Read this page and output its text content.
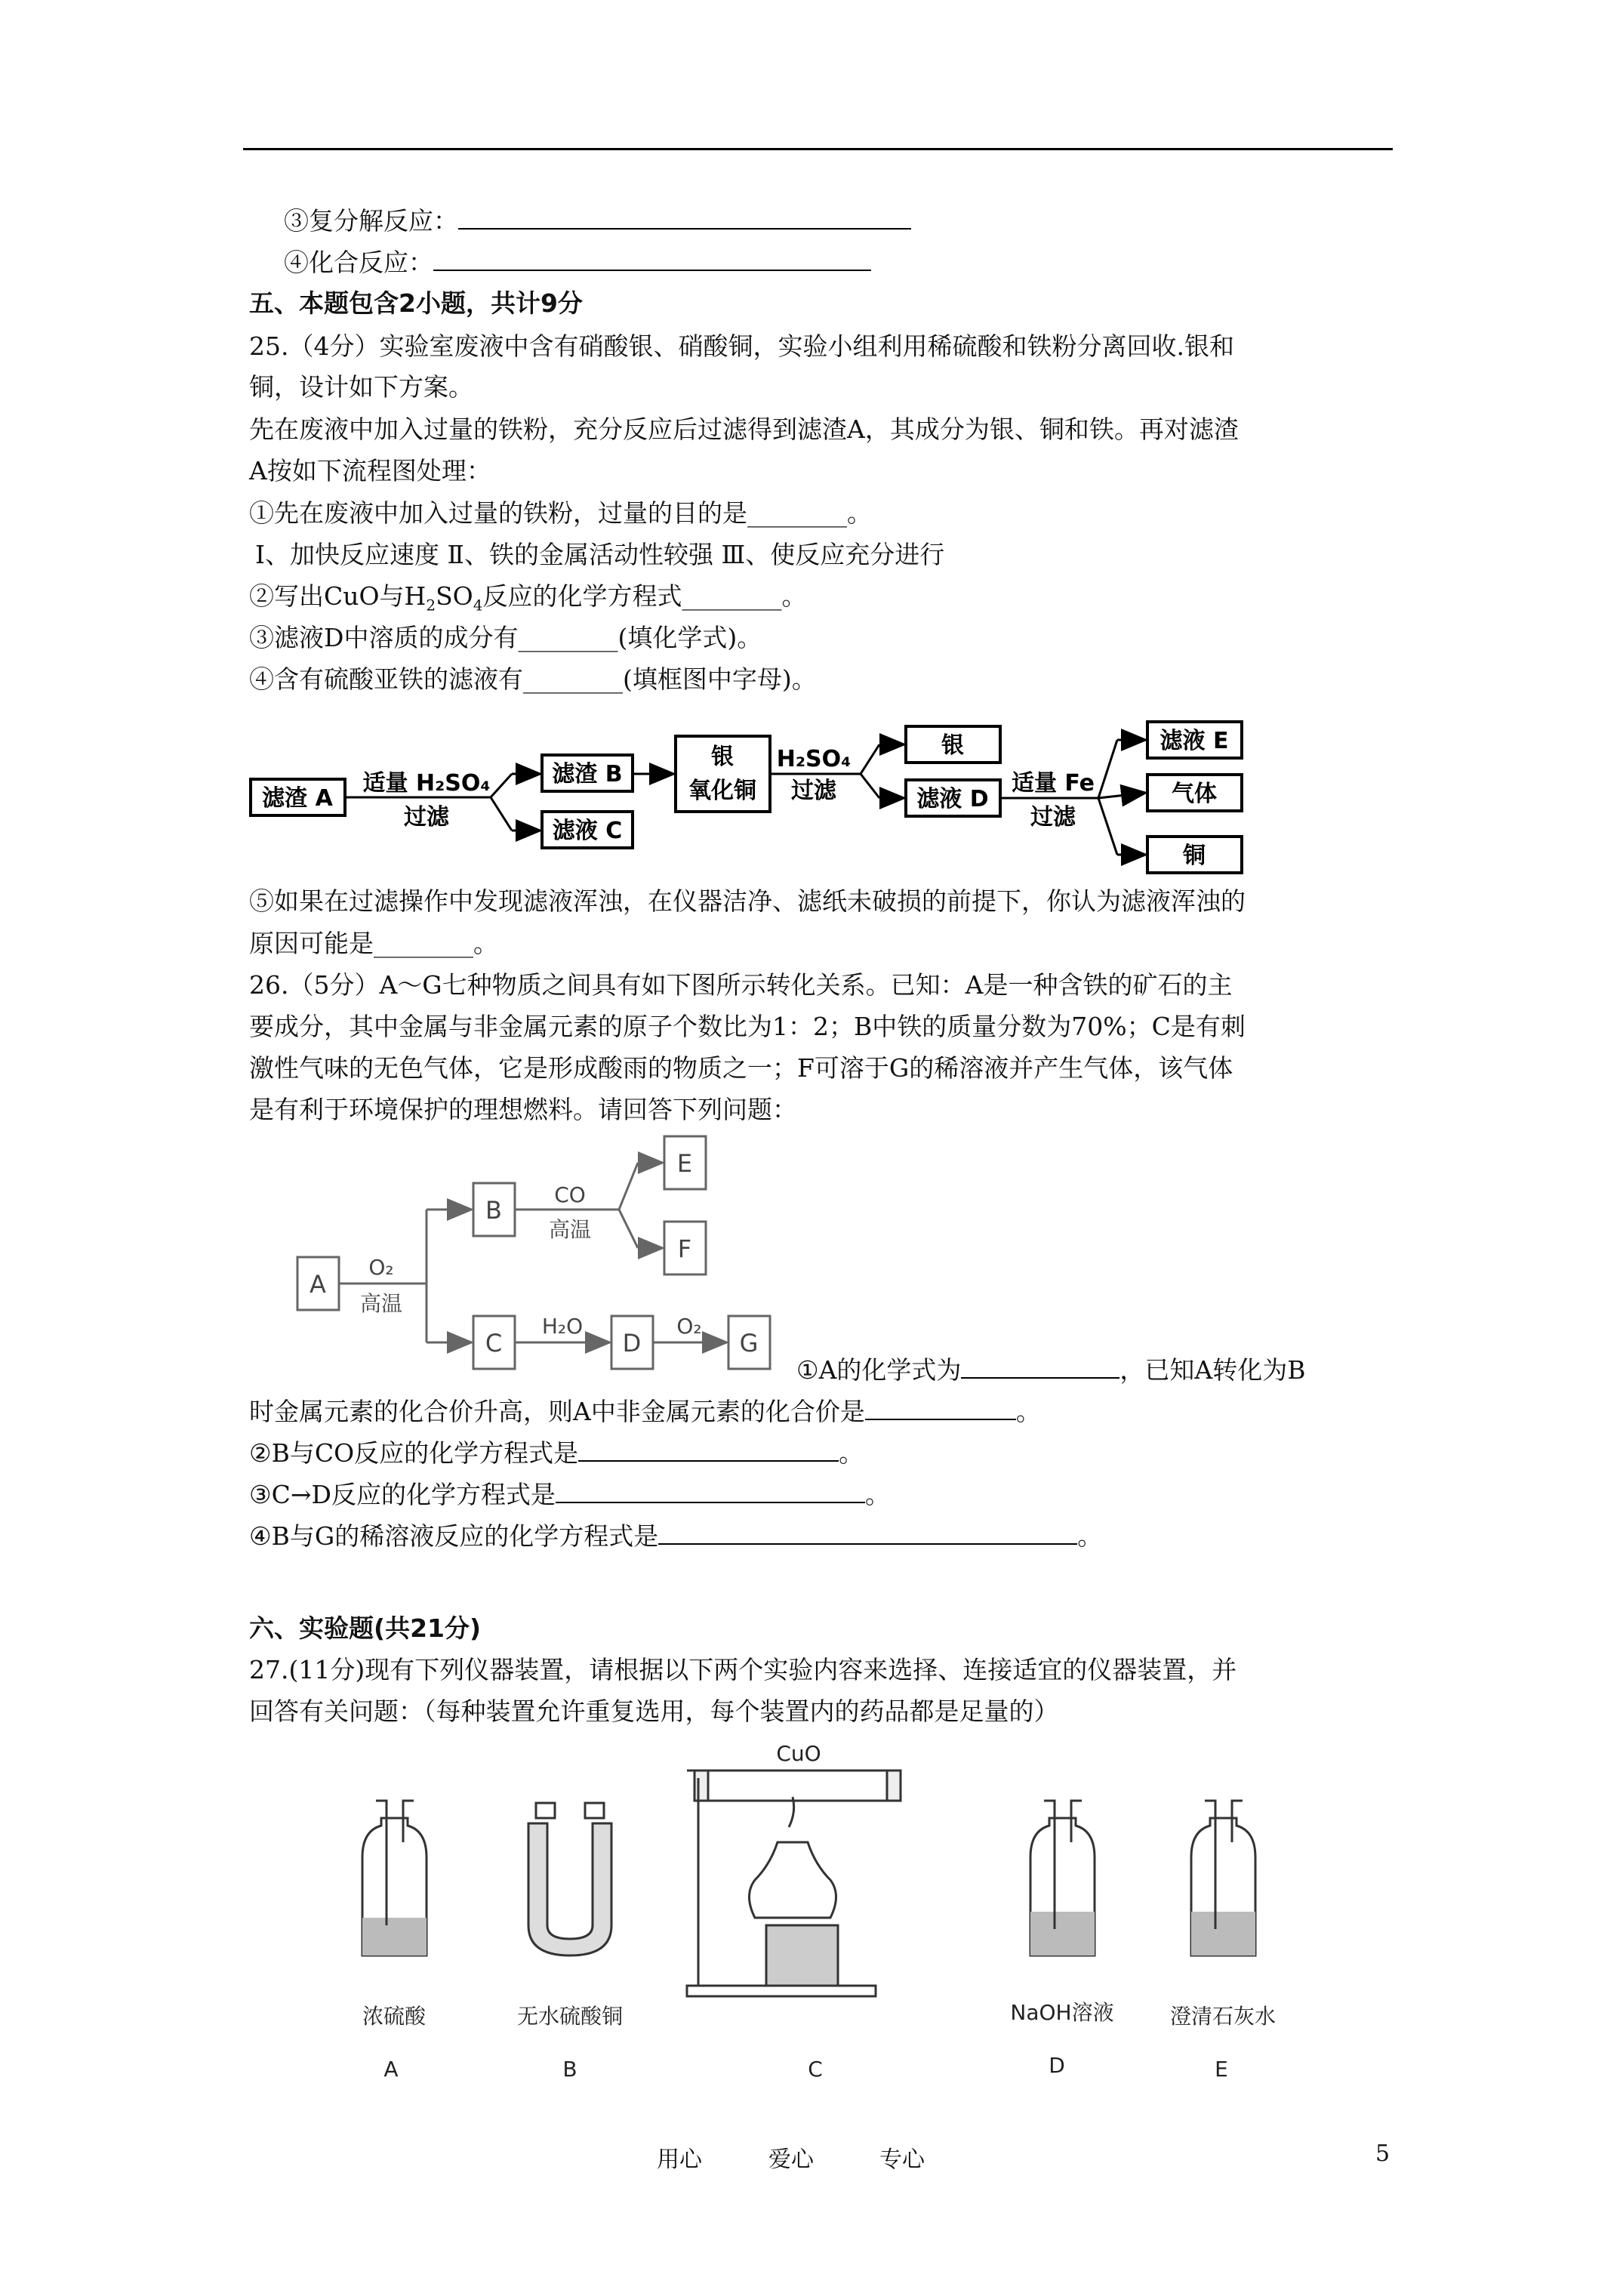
③复分解反应：
④化合反应：
五、本题包含2小题，共计9分
25.（4分）实验室废液中含有硝酸银、硝酸铜，实验小组利用稀硫酸和铁粉分离回收.银和
铜，设计如下方案。
先在废液中加入过量的铁粉，充分反应后过滤得到滤渣A，其成分为银、铜和铁。再对滤渣
A按如下流程图处理：
①先在废液中加入过量的铁粉，过量的目的是________。
Ⅰ、加快反应速度 Ⅱ、铁的金属活动性较强 Ⅲ、使反应充分进行
②写出CuO与$H_2SO_4$反应的化学方程式________。
③滤液D中溶质的成分有________(填化学式)。
④含有硫酸亚铁的滤液有________(填框图中字母)。
滤渣 A
滤渣 B
滤液 C
银
氧化铜
银
滤液 D
滤液 E
气体
铜
适量 H₂SO₄
过滤
H₂SO₄
过滤	适量 Fe
过滤
⑤如果在过滤操作中发现滤液浑浊，在仪器洁净、滤纸未破损的前提下，你认为滤液浑浊的
原因可能是________。
26.（5分）A～G七种物质之间具有如下图所示转化关系。已知：A是一种含铁的矿石的主
要成分，其中金属与非金属元素的原子个数比为1：2；B中铁的质量分数为70%；C是有刺
激性气味的无色气体，它是形成酸雨的物质之一；F可溶于G的稀溶液并产生气体，该气体
是有利于环境保护的理想燃料。请回答下列问题：
A
B
C
E
F
D	G
O₂
高温
CO
高温
H₂O	O₂
①A的化学式为	，已知A转化为B
时金属元素的化合价升高，则A中非金属元素的化合价是	。
②B与CO反应的化学方程式是	。
③C→D反应的化学方程式是	。
④B与G的稀溶液反应的化学方程式是	。
六、实验题(共21分)
27.(11分)现有下列仪器装置，请根据以下两个实验内容来选择、连接适宜的仪器装置，并
回答有关问题：（每种装置允许重复选用，每个装置内的药品都是足量的）
CuO
浓硫酸	无水硫酸铜	NaOH溶液	澄清石灰水
A	B	C	D	E
用心	爱心	专心	5
